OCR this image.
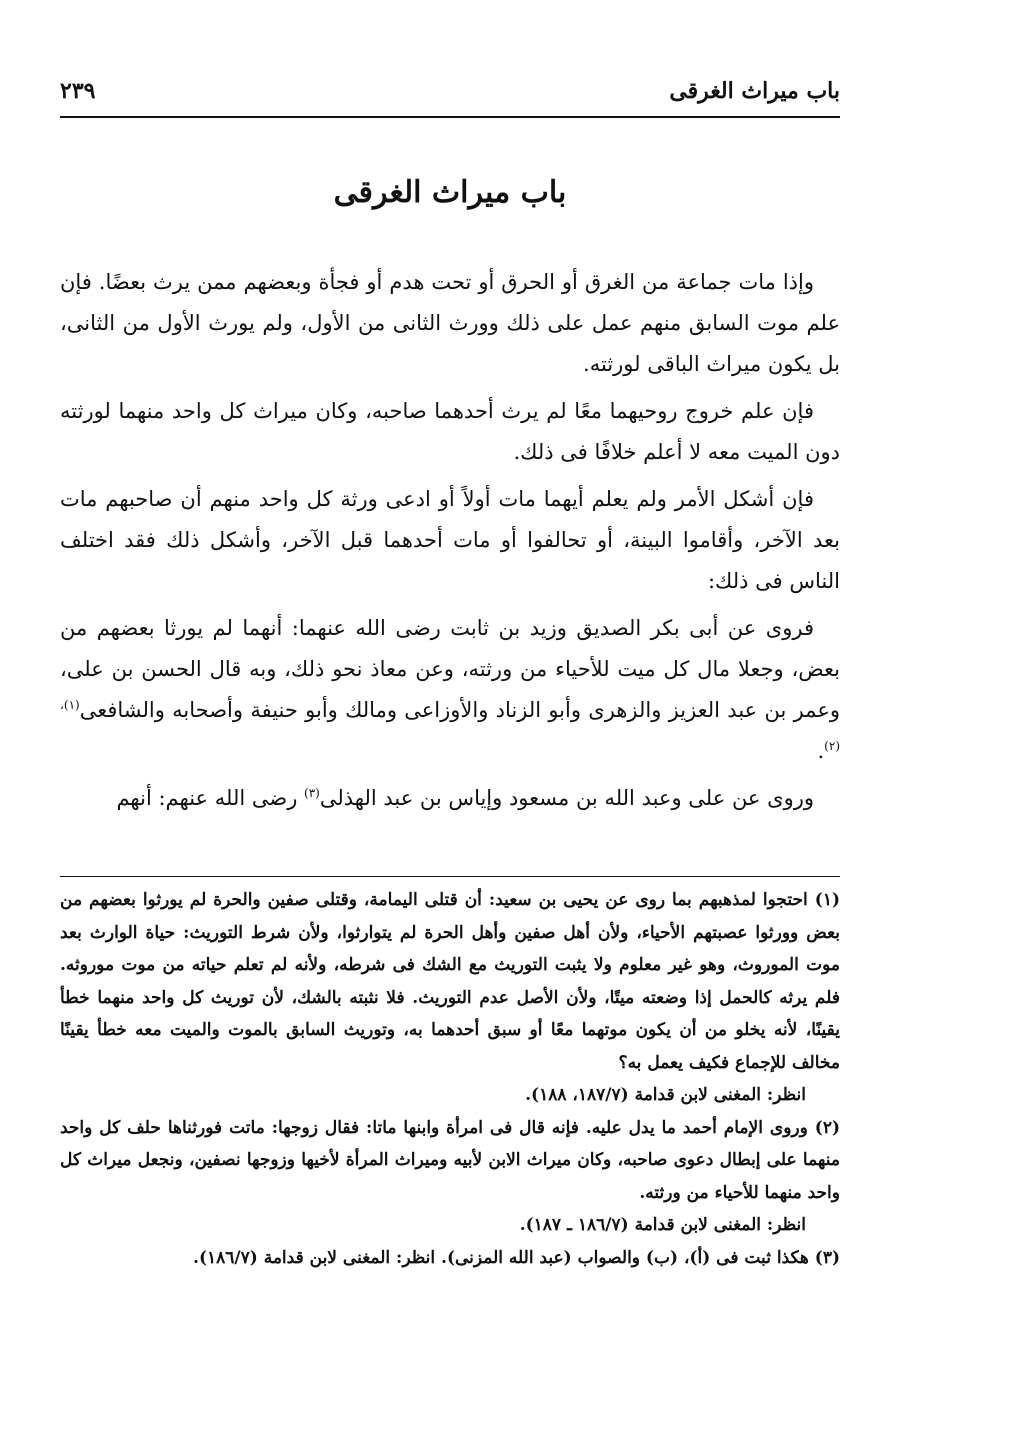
باب ميراث الغرقى
٢٣٩
باب ميراث الغرقى

وإذا مات جماعة من الغرق أو الحرق أو تحت هدم أو فجأة وبعضهم ممن يرث بعضًا. فإن علم موت السابق منهم عمل على ذلك وورث الثانى من الأول، ولم يورث الأول من الثانى، بل يكون ميراث الباقى لورثته.

فإن علم خروج روحيهما معًا لم يرث أحدهما صاحبه، وكان ميراث كل واحد منهما لورثته دون الميت معه لا أعلم خلافًا فى ذلك.

فإن أشكل الأمر ولم يعلم أيهما مات أولاً أو ادعى ورثة كل واحد منهم أن صاحبهم مات بعد الآخر، وأقاموا البينة، أو تحالفوا أو مات أحدهما قبل الآخر، وأشكل ذلك فقد اختلف الناس فى ذلك:

فروى عن أبى بكر الصديق وزيد بن ثابت رضى الله عنهما: أنهما لم يورثا بعضهم من بعض، وجعلا مال كل ميت للأحياء من ورثته، وعن معاذ نحو ذلك، وبه قال الحسن بن على، وعمر بن عبد العزيز والزهرى وأبو الزناد والأوزاعى ومالك وأبو حنيفة وأصحابه والشافعى$^{(١)، (٢)}$.

وروى عن على وعبد الله بن مسعود وإياس بن عبد الهذلى$^{(٣)}$ رضى الله عنهم: أنهم

(١) احتجوا لمذهبهم بما روى عن يحيى بن سعيد: أن قتلى اليمامة، وقتلى صفين والحرة لم يورثوا بعضهم من بعض وورثوا عصبتهم الأحياء، ولأن أهل صفين وأهل الحرة لم يتوارثوا، ولأن شرط التوريث: حياة الوارث بعد موت الموروث، وهو غير معلوم ولا يثبت التوريث مع الشك فى شرطه، ولأنه لم تعلم حياته من موت موروثه. فلم يرثه كالحمل إذا وضعته ميتًا، ولأن الأصل عدم التوريث. فلا نثبته بالشك، لأن توريث كل واحد منهما خطأ يقينًا، لأنه يخلو من أن يكون موتهما معًا أو سبق أحدهما به، وتوريث السابق بالموت والميت معه خطأ يقينًا مخالف للإجماع فكيف يعمل به؟

انظر: المغنى لابن قدامة (١٨٧/٧، ١٨٨).

(٢) وروى الإمام أحمد ما يدل عليه. فإنه قال فى امرأة وابنها ماتا: فقال زوجها: ماتت فورثناها حلف كل واحد منهما على إبطال دعوى صاحبه، وكان ميراث الابن لأبيه وميراث المرأة لأخيها وزوجها نصفين، ونجعل ميراث كل واحد منهما للأحياء من ورثته.

انظر: المغنى لابن قدامة (١٨٦/٧ ـ ١٨٧).

(٣) هكذا ثبت فى (أ)، (ب) والصواب (عبد الله المزنى). انظر: المغنى لابن قدامة (١٨٦/٧).
